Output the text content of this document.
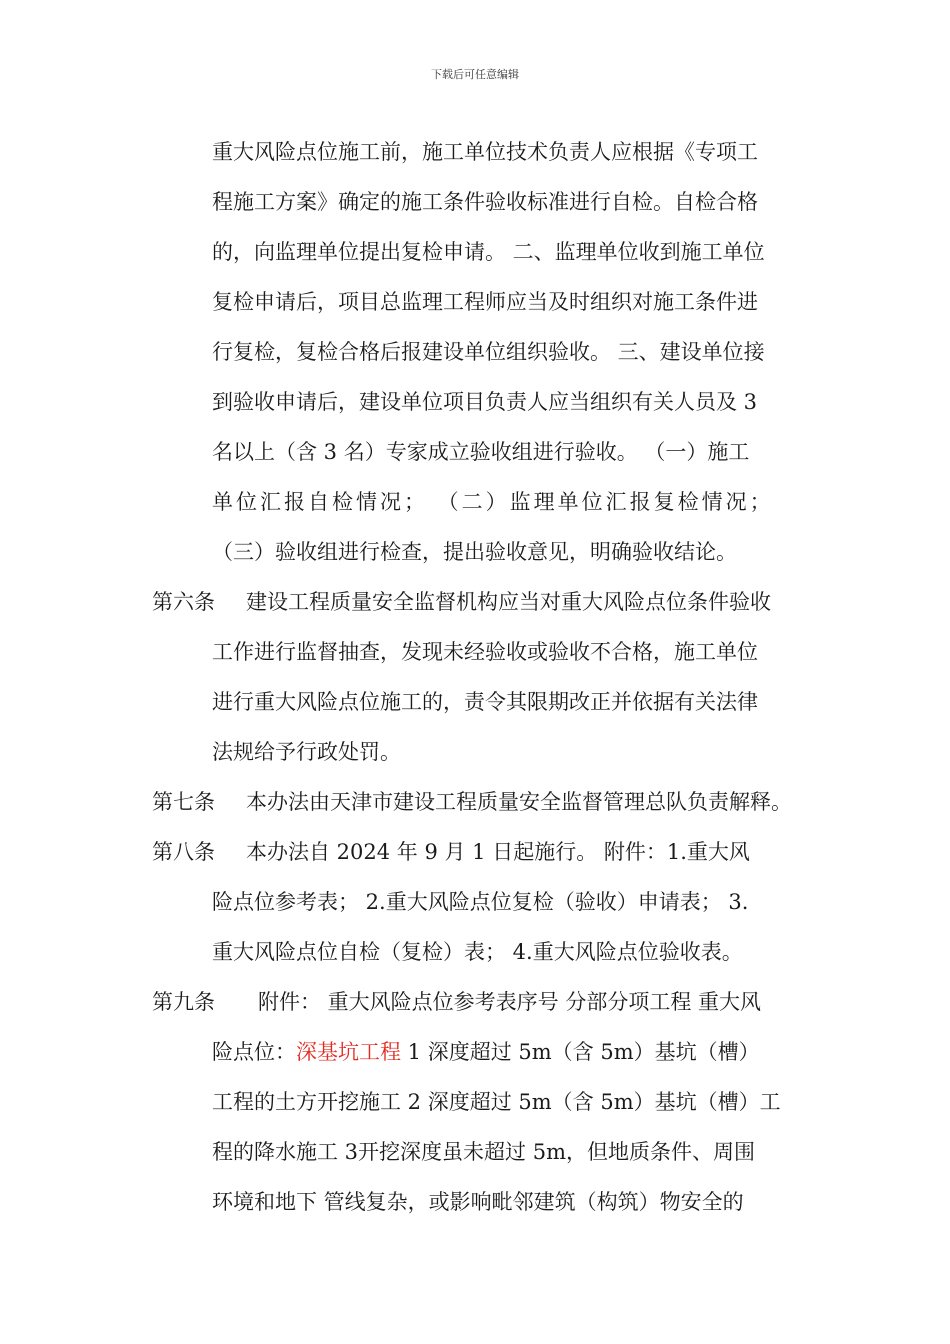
下载后可任意编辑
重大风险点位施工前，施工单位技术负责人应根据《专项工
程施工方案》确定的施工条件验收标准进行自检。自检合格
的，向监理单位提出复检申请。 二、监理单位收到施工单位
复检申请后，项目总监理工程师应当及时组织对施工条件进
行复检，复检合格后报建设单位组织验收。 三、建设单位接
到验收申请后，建设单位项目负责人应当组织有关人员及 3
名以上（含 3 名）专家成立验收组进行验收。 （一）施工
单位汇报自检情况； （二）监理单位汇报复检情况；
（三）验收组进行检查，提出验收意见，明确验收结论。
第六条 建设工程质量安全监督机构应当对重大风险点位条件验收
工作进行监督抽查，发现未经验收或验收不合格，施工单位
进行重大风险点位施工的，责令其限期改正并依据有关法律
法规给予行政处罚。
第七条 本办法由天津市建设工程质量安全监督管理总队负责解释。
第八条 本办法自 2024 年 9 月 1 日起施行。 附件：1.重大风
险点位参考表； 2.重大风险点位复检（验收）申请表； 3.
重大风险点位自检（复检）表； 4.重大风险点位验收表。
第九条 附件： 重大风险点位参考表序号 分部分项工程 重大风
险点位：深基坑工程 1 深度超过 5m（含 5m）基坑（槽）
工程的土方开挖施工 2 深度超过 5m（含 5m）基坑（槽）工
程的降水施工 3开挖深度虽未超过 5m，但地质条件、周围
环境和地下 管线复杂，或影响毗邻建筑（构筑）物安全的
